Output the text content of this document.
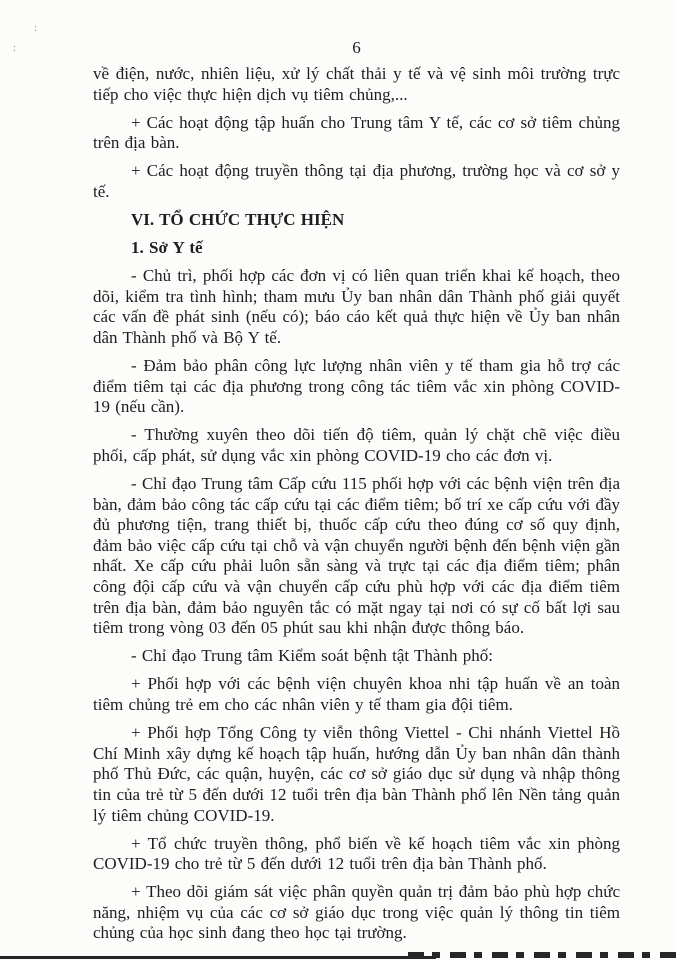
:
:	6

về điện, nước, nhiên liệu, xử lý chất thải y tế và vệ sinh môi trường trực tiếp cho việc thực hiện dịch vụ tiêm chủng,...

+ Các hoạt động tập huấn cho Trung tâm Y tế, các cơ sở tiêm chủng trên địa bàn.

+ Các hoạt động truyền thông tại địa phương, trường học và cơ sở y tế.

VI. TỔ CHỨC THỰC HIỆN

1. Sở Y tế

- Chủ trì, phối hợp các đơn vị có liên quan triển khai kế hoạch, theo dõi, kiểm tra tình hình; tham mưu Ủy ban nhân dân Thành phố giải quyết các vấn đề phát sinh (nếu có); báo cáo kết quả thực hiện về Ủy ban nhân dân Thành phố và Bộ Y tế.

- Đảm bảo phân công lực lượng nhân viên y tế tham gia hỗ trợ các điểm tiêm tại các địa phương trong công tác tiêm vắc xin phòng COVID-19 (nếu cần).

- Thường xuyên theo dõi tiến độ tiêm, quản lý chặt chẽ việc điều phối, cấp phát, sử dụng vắc xin phòng COVID-19 cho các đơn vị.

- Chỉ đạo Trung tâm Cấp cứu 115 phối hợp với các bệnh viện trên địa bàn, đảm bảo công tác cấp cứu tại các điểm tiêm; bố trí xe cấp cứu với đầy đủ phương tiện, trang thiết bị, thuốc cấp cứu theo đúng cơ số quy định, đảm bảo việc cấp cứu tại chỗ và vận chuyển người bệnh đến bệnh viện gần nhất. Xe cấp cứu phải luôn sẵn sàng và trực tại các địa điểm tiêm; phân công đội cấp cứu và vận chuyển cấp cứu phù hợp với các địa điểm tiêm trên địa bàn, đảm bảo nguyên tắc có mặt ngay tại nơi có sự cố bất lợi sau tiêm trong vòng 03 đến 05 phút sau khi nhận được thông báo.

- Chỉ đạo Trung tâm Kiểm soát bệnh tật Thành phố:

+ Phối hợp với các bệnh viện chuyên khoa nhi tập huấn về an toàn tiêm chủng trẻ em cho các nhân viên y tế tham gia đội tiêm.

+ Phối hợp Tổng Công ty viễn thông Viettel - Chi nhánh Viettel Hồ Chí Minh xây dựng kế hoạch tập huấn, hướng dẫn Ủy ban nhân dân thành phố Thủ Đức, các quận, huyện, các cơ sở giáo dục sử dụng và nhập thông tin của trẻ từ 5 đến dưới 12 tuổi trên địa bàn Thành phố lên Nền tảng quản lý tiêm chủng COVID-19.

+ Tổ chức truyền thông, phổ biến về kế hoạch tiêm vắc xin phòng COVID-19 cho trẻ từ 5 đến dưới 12 tuổi trên địa bàn Thành phố.

+ Theo dõi giám sát việc phân quyền quản trị đảm bảo phù hợp chức năng, nhiệm vụ của các cơ sở giáo dục trong việc quản lý thông tin tiêm chủng của học sinh đang theo học tại trường.
